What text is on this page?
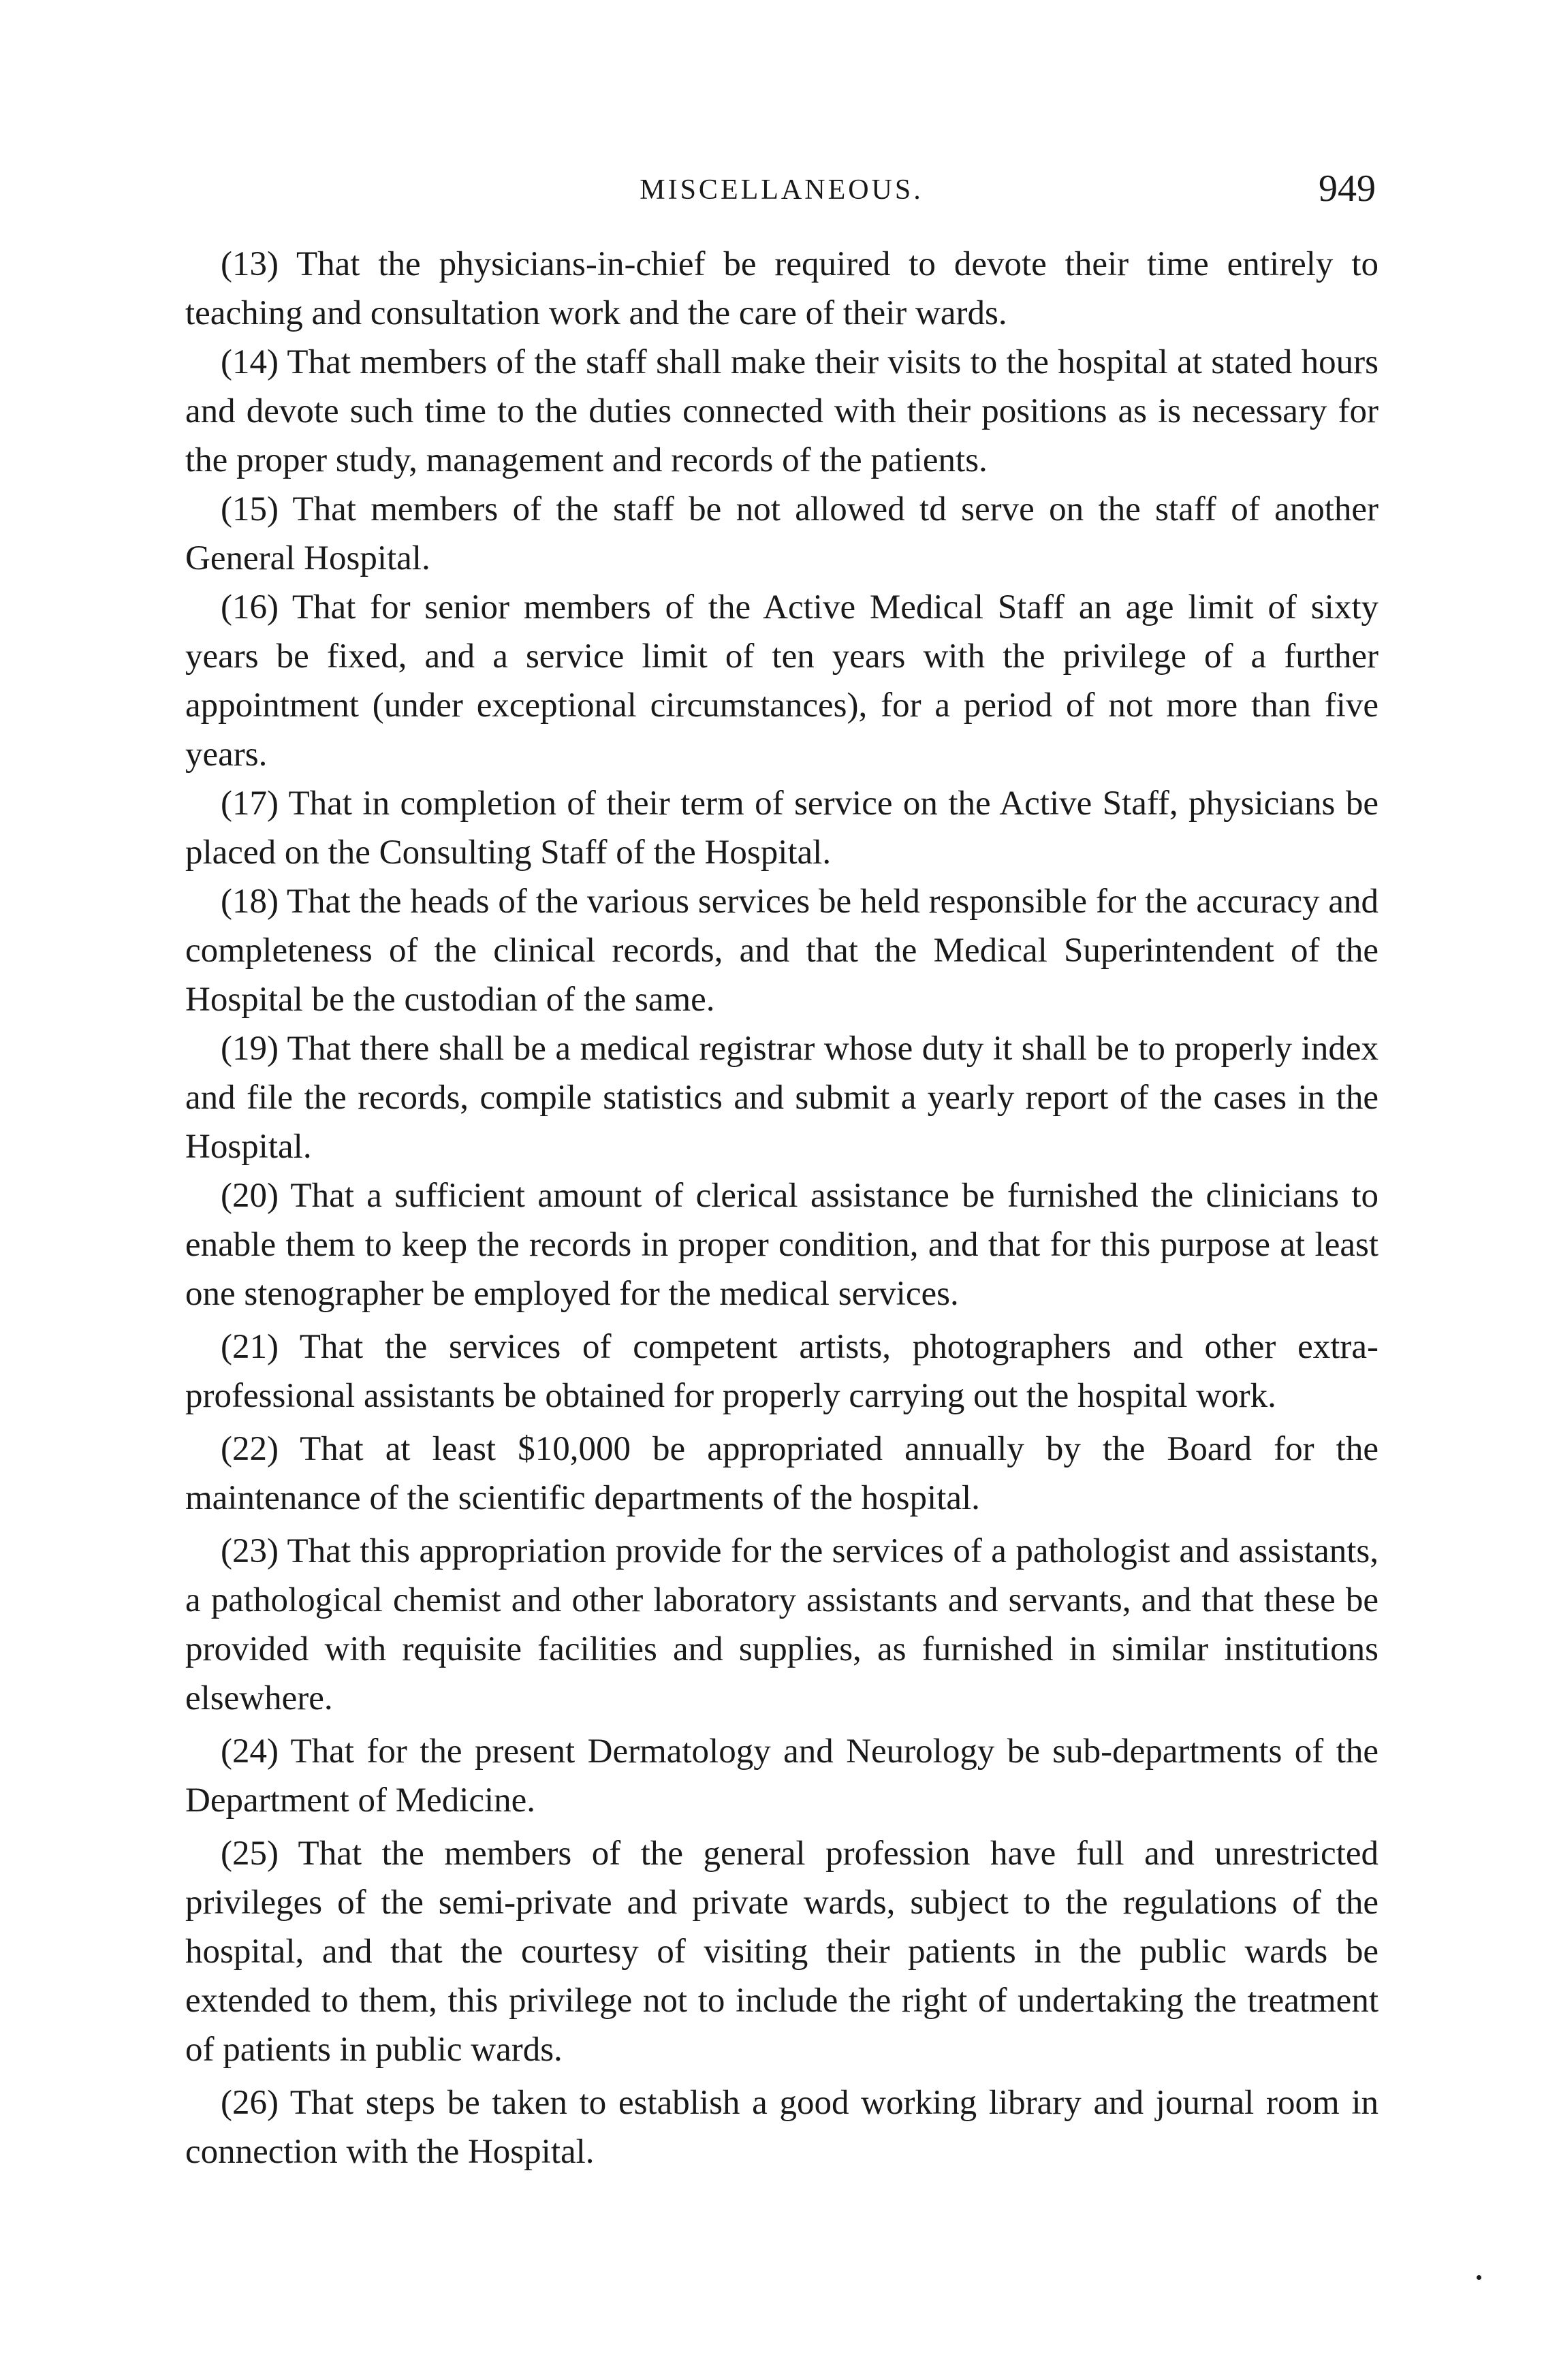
MISCELLANEOUS.	949

(13) That the physicians-in-chief be required to devote their time entirely to teaching and consultation work and the care of their wards.

(14) That members of the staff shall make their visits to the hospital at stated hours and devote such time to the duties connected with their positions as is necessary for the proper study, management and records of the patients.

(15) That members of the staff be not allowed td serve on the staff of another General Hospital.

(16) That for senior members of the Active Medical Staff an age limit of sixty years be fixed, and a service limit of ten years with the privilege of a further appointment (under exceptional circumstances), for a period of not more than five years.

(17) That in completion of their term of service on the Active Staff, physicians be placed on the Consulting Staff of the Hospital.

(18) That the heads of the various services be held responsible for the accuracy and completeness of the clinical records, and that the Medical Superintendent of the Hospital be the custodian of the same.

(19) That there shall be a medical registrar whose duty it shall be to properly index and file the records, compile statistics and submit a yearly report of the cases in the Hospital.

(20) That a sufficient amount of clerical assistance be furnished the clinicians to enable them to keep the records in proper condition, and that for this purpose at least one stenographer be employed for the medical services.

(21) That the services of competent artists, photographers and other extra-professional assistants be obtained for properly carrying out the hospital work.

(22) That at least $10,000 be appropriated annually by the Board for the maintenance of the scientific departments of the hospital.

(23) That this appropriation provide for the services of a pathologist and assistants, a pathological chemist and other laboratory assistants and servants, and that these be provided with requisite facilities and supplies, as furnished in similar institutions elsewhere.

(24) That for the present Dermatology and Neurology be sub-departments of the Department of Medicine.

(25) That the members of the general profession have full and unrestricted privileges of the semi-private and private wards, subject to the regulations of the hospital, and that the courtesy of visiting their patients in the public wards be extended to them, this privilege not to include the right of undertaking the treatment of patients in public wards.

(26) That steps be taken to establish a good working library and journal room in connection with the Hospital.
